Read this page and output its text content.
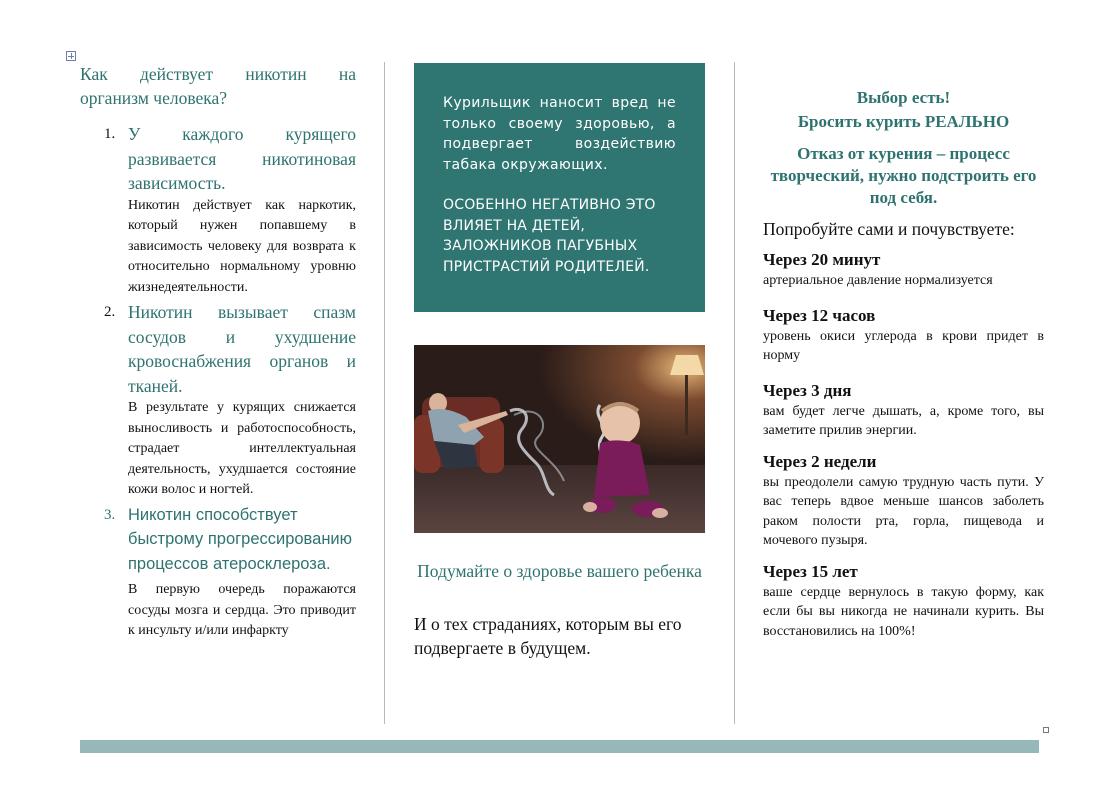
Как действует никотин на
организм человека?
1. У каждого курящего развивается никотиновая зависимость.
Никотин действует как наркотик, который нужен попавшему в зависимость человеку для возврата к относительно нормальному уровню жизнедеятельности.
2. Никотин вызывает спазм сосудов и ухудшение кровоснабжения органов и тканей.
В результате у курящих снижается выносливость и работоспособность, страдает интеллектуальная деятельность, ухудшается состояние кожи волос и ногтей.
3. Никотин способствует быстрому прогрессированию процессов атеросклероза.
В первую очередь поражаются сосуды мозга и сердца. Это приводит к инсульту и/или инфаркту
Курильщик наносит вред не только своему здоровью, а подвергает воздействию табака окружающих.
ОСОБЕННО НЕГАТИВНО ЭТО ВЛИЯЕТ НА ДЕТЕЙ, ЗАЛОЖНИКОВ ПАГУБНЫХ ПРИСТРАСТИЙ РОДИТЕЛЕЙ.
Подумайте о здоровье вашего ребенка
И о тех страданиях, которым вы его подвергаете в будущем.
Выбор есть!
Бросить курить РЕАЛЬНО
Отказ от курения – процесс творческий, нужно подстроить его под себя.
Попробуйте сами и почувствуете:
Через 20 минут
артериальное давление нормализуется
Через 12 часов
уровень окиси углерода в крови придет в норму
Через 3 дня
вам будет легче дышать, а, кроме того, вы заметите прилив энергии.
Через 2 недели
вы преодолели самую трудную часть пути. У вас теперь вдвое меньше шансов заболеть раком полости рта, горла, пищевода и мочевого пузыря.
Через 15 лет
ваше сердце вернулось в такую форму, как если бы вы никогда не начинали курить. Вы восстановились на 100%!
